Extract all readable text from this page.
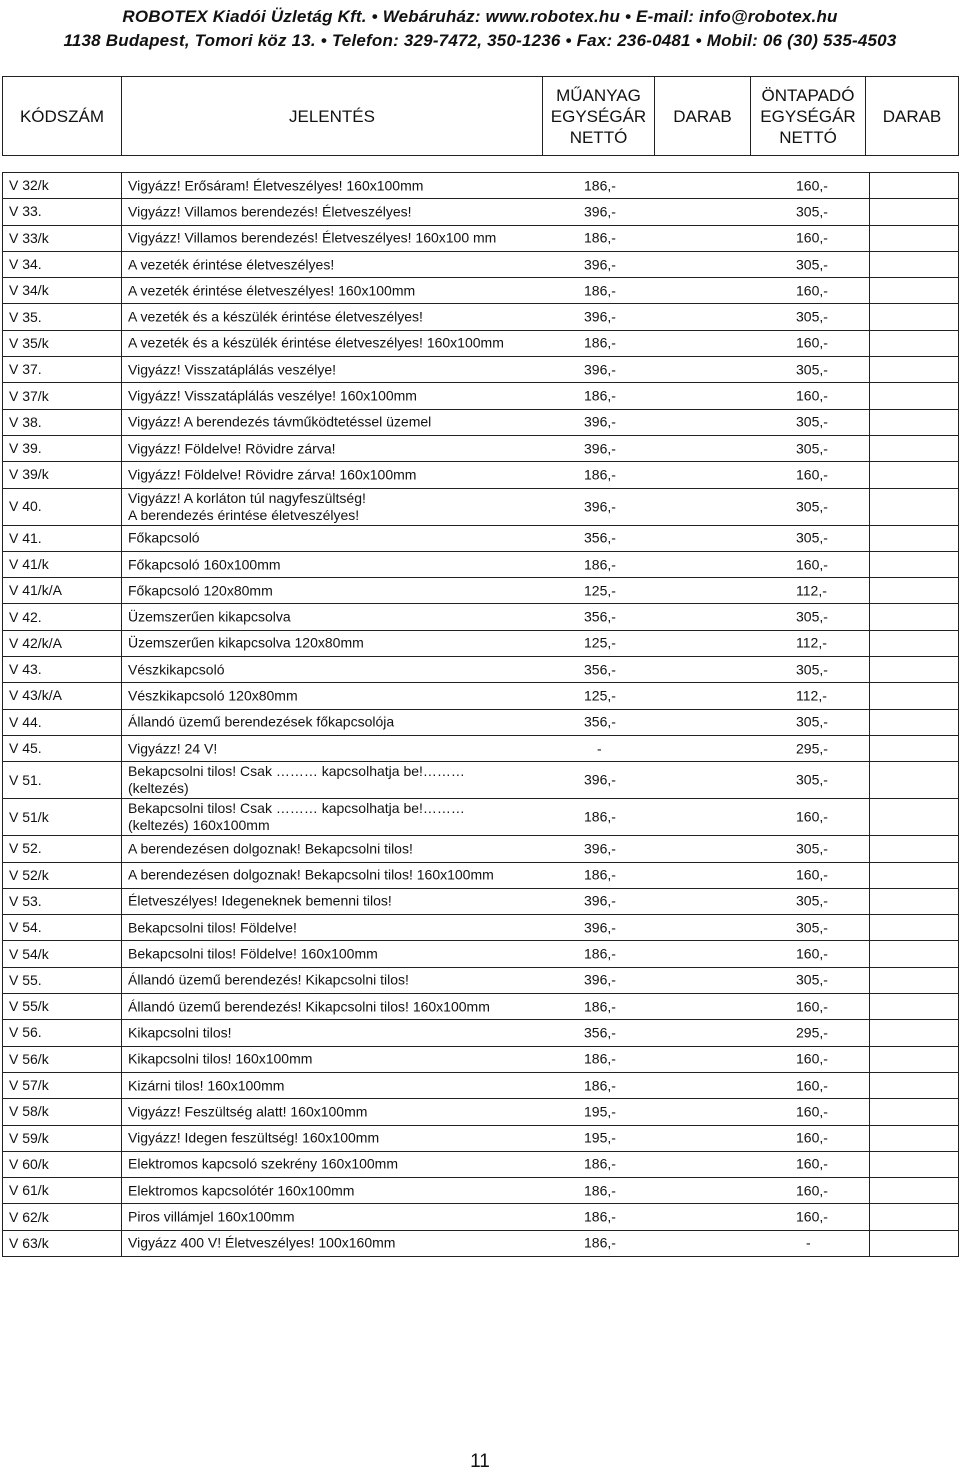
ROBOTEX Kiadói Üzletág Kft. • Webáruház: www.robotex.hu • E-mail: info@robotex.hu
1138 Budapest, Tomori köz 13. • Telefon: 329-7472, 350-1236 • Fax: 236-0481 • Mobil: 06 (30) 535-4503
KÓDSZÁM	JELENTÉS	
MŰANYAG
EGYSÉGÁR
NETTÓ
	DARAB	
ÖNTAPADÓ
EGYSÉGÁR
NETTÓ
	DARAB
V 32/k	Vigyázz! Erősáram! Életveszélyes! 160x100mm 186,- 160,-	

V 33.	Vigyázz! Villamos berendezés! Életveszélyes! 396,- 305,-	

V 33/k	Vigyázz! Villamos berendezés! Életveszélyes! 160x100 mm 186,- 160,-	

V 34.	A vezeték érintése életveszélyes! 396,- 305,-	

V 34/k	A vezeték érintése életveszélyes! 160x100mm 186,- 160,-	

V 35.	A vezeték és a készülék érintése életveszélyes! 396,- 305,-	

V 35/k	A vezeték és a készülék érintése életveszélyes! 160x100mm 186,- 160,-	

V 37.	Vigyázz! Visszatáplálás veszélye! 396,- 305,-	

V 37/k	Vigyázz! Visszatáplálás veszélye! 160x100mm 186,- 160,-	

V 38.	Vigyázz! A berendezés távműködtetéssel üzemel 396,- 305,-	

V 39.	Vigyázz! Földelve! Rövidre zárva! 396,- 305,-	

V 39/k	Vigyázz! Földelve! Rövidre zárva! 160x100mm 186,- 160,-	

V 40.	Vigyázz! A korláton túl nagyfeszültség!
A berendezés érintése életveszélyes!
396,- 305,-	

V 41.	Főkapcsoló 356,- 305,-	

V 41/k	Főkapcsoló 160x100mm 186,- 160,-	

V 41/k/A	Főkapcsoló 120x80mm 125,- 112,-	

V 42.	Üzemszerűen kikapcsolva 356,- 305,-	

V 42/k/A	Üzemszerűen kikapcsolva 120x80mm 125,- 112,-	

V 43.	Vészkikapcsoló 356,- 305,-	

V 43/k/A	Vészkikapcsoló 120x80mm 125,- 112,-	

V 44.	Állandó üzemű berendezések főkapcsolója 356,- 305,-	

V 45.	Vigyázz! 24 V! - 295,-	

V 51.	Bekapcsolni tilos! Csak ……… kapcsolhatja be!………
(keltezés)
396,- 305,-	

V 51/k	Bekapcsolni tilos! Csak ……… kapcsolhatja be!………
(keltezés) 160x100mm
186,- 160,-	

V 52.	A berendezésen dolgoznak! Bekapcsolni tilos! 396,- 305,-	

V 52/k	A berendezésen dolgoznak! Bekapcsolni tilos! 160x100mm 186,- 160,-	

V 53.	Életveszélyes! Idegeneknek bemenni tilos! 396,- 305,-	

V 54.	Bekapcsolni tilos! Földelve! 396,- 305,-	

V 54/k	Bekapcsolni tilos! Földelve! 160x100mm 186,- 160,-	

V 55.	Állandó üzemű berendezés! Kikapcsolni tilos! 396,- 305,-	

V 55/k	Állandó üzemű berendezés! Kikapcsolni tilos! 160x100mm 186,- 160,-	

V 56.	Kikapcsolni tilos! 356,- 295,-	

V 56/k	Kikapcsolni tilos! 160x100mm 186,- 160,-	

V 57/k	Kizárni tilos! 160x100mm 186,- 160,-	

V 58/k	Vigyázz! Feszültség alatt! 160x100mm 195,- 160,-	

V 59/k	Vigyázz! Idegen feszültség! 160x100mm 195,- 160,-	

V 60/k	Elektromos kapcsoló szekrény 160x100mm 186,- 160,-	

V 61/k	Elektromos kapcsolótér 160x100mm 186,- 160,-	

V 62/k	Piros villámjel 160x100mm 186,- 160,-	

V 63/k	Vigyázz 400 V! Életveszélyes! 100x160mm 186,- -	

11
